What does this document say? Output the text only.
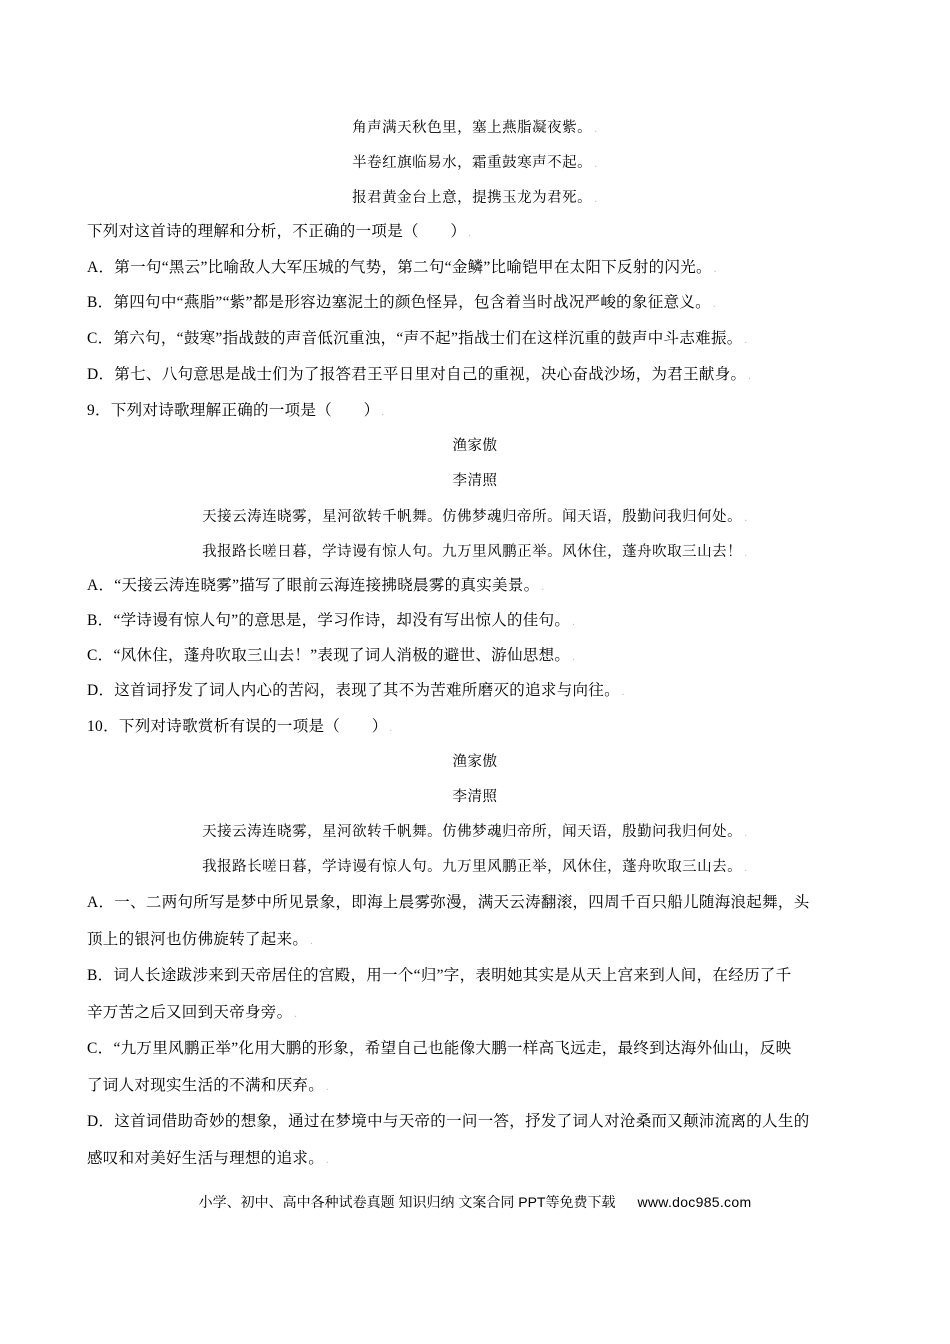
角声满天秋色里，塞上燕脂凝夜紫。 .
半卷红旗临易水，霜重鼓寒声不起。 .
报君黄金台上意，提携玉龙为君死。 .
下列对这首诗的理解和分析，不正确的一项是（　　） .
A．第一句“黑云”比喻敌人大军压城的气势，第二句“金鳞”比喻铠甲在太阳下反射的闪光。 .
B．第四句中“燕脂”“紫”都是形容边塞泥土的颜色怪异，包含着当时战况严峻的象征意义。 .
C．第六句，“鼓寒”指战鼓的声音低沉重浊，“声不起”指战士们在这样沉重的鼓声中斗志难振。 .
D．第七、八句意思是战士们为了报答君王平日里对自己的重视，决心奋战沙场，为君王献身。 .
9．下列对诗歌理解正确的一项是（　　） .
渔家傲
李清照
天接云涛连晓雾，星河欲转千帆舞。仿佛梦魂归帝所。闻天语，殷勤问我归何处。 .
我报路长嗟日暮，学诗谩有惊人句。九万里风鹏正举。风休住，蓬舟吹取三山去！ .
A．“天接云涛连晓雾”描写了眼前云海连接拂晓晨雾的真实美景。 .
B．“学诗谩有惊人句”的意思是，学习作诗，却没有写出惊人的佳句。 .
C．“风休住，蓬舟吹取三山去！”表现了词人消极的避世、游仙思想。 .
D．这首词抒发了词人内心的苦闷，表现了其不为苦难所磨灭的追求与向往。 .
10．下列对诗歌赏析有误的一项是（　　） .
渔家傲
李清照
天接云涛连晓雾，星河欲转千帆舞。仿佛梦魂归帝所，闻天语，殷勤问我归何处。 .
我报路长嗟日暮，学诗谩有惊人句。九万里风鹏正举，风休住，蓬舟吹取三山去。 .
A．一、二两句所写是梦中所见景象，即海上晨雾弥漫，满天云涛翻滚，四周千百只船儿随海浪起舞，头
顶上的银河也仿佛旋转了起来。 .
B．词人长途跋涉来到天帝居住的宫殿，用一个“归”字，表明她其实是从天上宫来到人间，在经历了千
辛万苦之后又回到天帝身旁。 .
C．“九万里风鹏正举”化用大鹏的形象，希望自己也能像大鹏一样高飞远走，最终到达海外仙山，反映
了词人对现实生活的不满和厌弃。 .
D．这首词借助奇妙的想象，通过在梦境中与天帝的一问一答，抒发了词人对沧桑而又颠沛流离的人生的
感叹和对美好生活与理想的追求。 .
小学、初中、高中各种试卷真题 知识归纳 文案合同 PPT等免费下载 www.doc985.com
